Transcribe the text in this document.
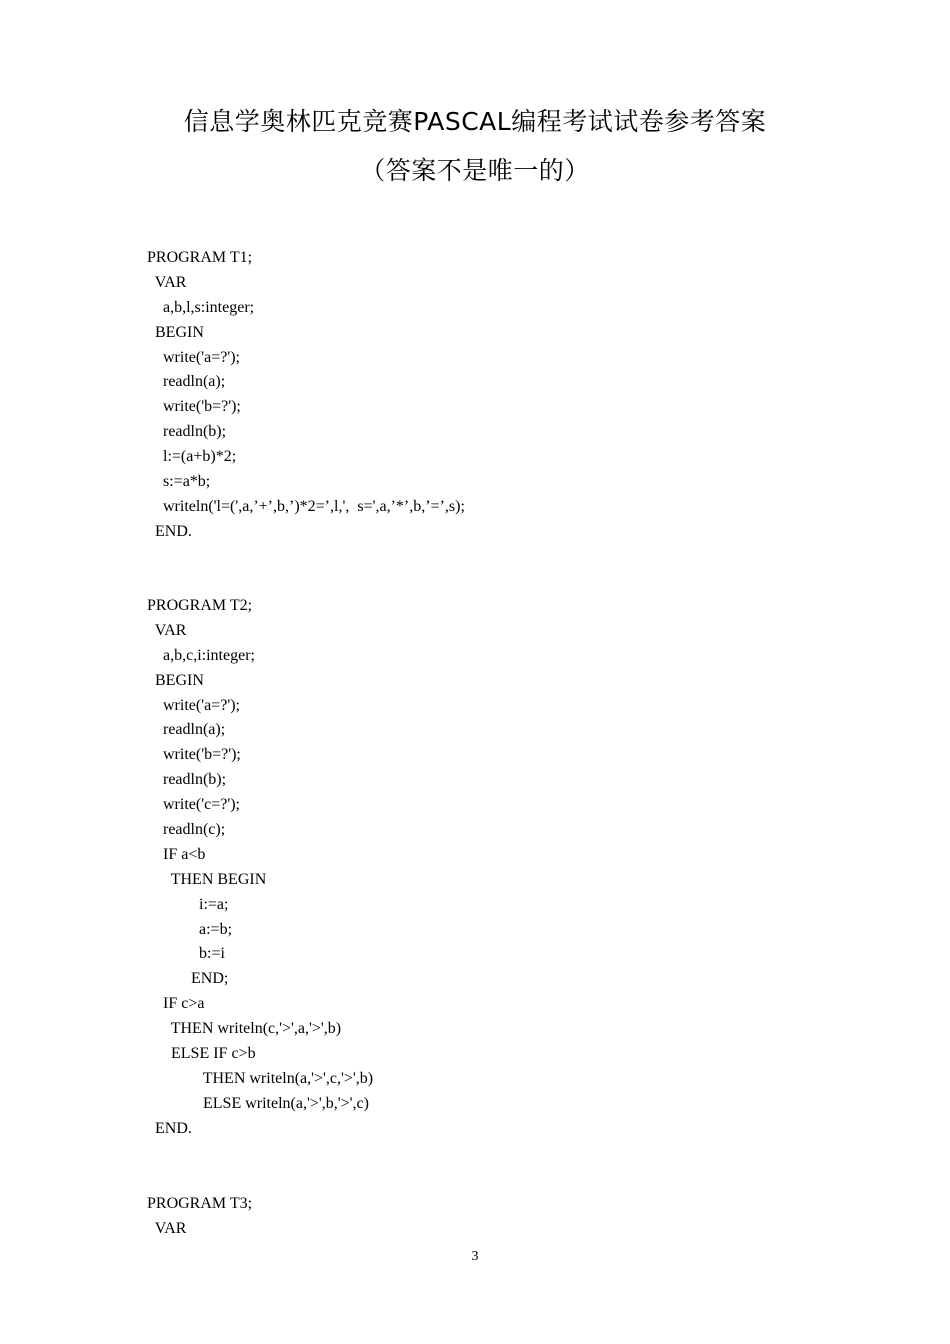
信息学奥林匹克竞赛PASCAL编程考试试卷参考答案
（答案不是唯一的）
PROGRAM T1;
VAR
a,b,l,s:integer;
BEGIN
write('a=?');
readln(a);
write('b=?');
readln(b);
l:=(a+b)*2;
s:=a*b;
writeln('l=(',a,’+’,b,’)*2=’,l,',  s=',a,’*’,b,’=’,s);
END.
PROGRAM T2;
VAR
a,b,c,i:integer;
BEGIN
write('a=?');
readln(a);
write('b=?');
readln(b);
write('c=?');
readln(c);
IF a<b
THEN BEGIN
i:=a;
a:=b;
b:=i
END;
IF c>a
THEN writeln(c,'>',a,'>',b)
ELSE IF c>b
THEN writeln(a,'>',c,'>',b)
ELSE writeln(a,'>',b,'>',c)
END.
PROGRAM T3;
VAR
3
